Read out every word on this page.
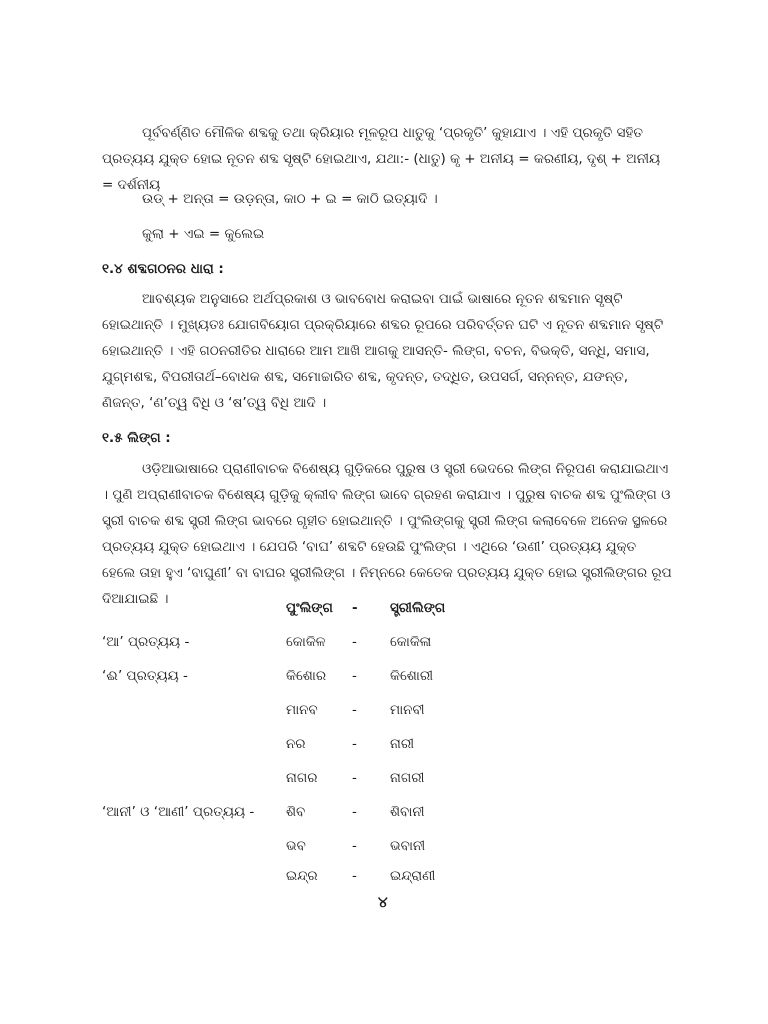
ପୂର୍ବବର୍ଣ୍ଣିତ ମୌଳିକ ଶବ୍ଦକୁ ତଥା କ୍ରିୟାର ମୂଳରୂପ ଧାତୁକୁ ‘ପ୍ରକୃତି’ କୁହାଯାଏ । ଏହି ପ୍ରକୃତି ସହିତ ପ୍ରତ୍ୟୟ ଯୁକ୍ତ ହୋଇ ନୂତନ ଶବ୍ଦ ସୃଷ୍ଟି ହୋଇଥାଏ, ଯଥା:- (ଧାତୁ) କୃ + ଅନୀୟ = କରଣୀୟ, ଦୃଶ୍ + ଅନୀୟ = ଦର୍ଶନୀୟ

ଉଡ୍ + ଅନ୍ତା = ଉଡ଼ନ୍ତା, କାଠ + ଇ = କାଠି ଇତ୍ୟାଦି ।
କୁଲା + ଏଇ = କୁଲେଇ
୧.୪ ଶବ୍ଦଗଠନର ଧାରା :

ଆବଶ୍ୟକ ଅନୁସାରେ ଅର୍ଥପ୍ରକାଶ ଓ ଭାବବୋଧ କରାଇବା ପାଇଁ ଭାଷାରେ ନୂତନ ଶବ୍ଦମାନ ସୃଷ୍ଟି ହୋଇଥାନ୍ତି । ମୁଖ୍ୟତଃ ଯୋଗବିୟୋଗ ପ୍ରକ୍ରିୟାରେ ଶବ୍ଦର ରୂପରେ ପରିବର୍ତ୍ତନ ଘଟି ଏ ନୂତନ ଶବ୍ଦମାନ ସୃଷ୍ଟି ହୋଇଥାନ୍ତି । ଏହି ଗଠନରୀତିର ଧାରାରେ ଆମ ଆଖି ଆଗକୁ ଆସନ୍ତି- ଲିଙ୍ଗ, ବଚନ, ବିଭକ୍ତି, ସନ୍ଧି, ସମାସ, ଯୁଗ୍ମଶବ୍ଦ, ବିପରୀତାର୍ଥ–ବୋଧକ ଶବ୍ଦ, ସମୋଚ୍ଚାରିତ ଶବ୍ଦ, କୃଦନ୍ତ, ତଦ୍ଧିତ, ଉପସର୍ଗ, ସନ୍ନନ୍ତ, ଯଙନ୍ତ, ଣିଜନ୍ତ, ‘ଣ’ତ୍ୱ ବିଧି ଓ ‘ଷ’ତ୍ୱ ବିଧି ଆଦି ।

୧.୫ ଲିଙ୍ଗ :

ଓଡ଼ିଆଭାଷାରେ ପ୍ରାଣୀବାଚକ ବିଶେଷ୍ୟ ଗୁଡ଼ିକରେ ପୁରୁଷ ଓ ସ୍ତ୍ରୀ ଭେଦରେ ଲିଙ୍ଗ ନିରୂପଣ କରାଯାଇଥାଏ । ପୁଣି ଅପ୍ରାଣୀବାଚକ ବିଶେଷ୍ୟ ଗୁଡ଼ିକୁ କ୍ଲୀବ ଲିଙ୍ଗ ଭାବେ ଗ୍ରହଣ କରାଯାଏ । ପୁରୁଷ ବାଚକ ଶବ୍ଦ ପୁଂଲିଙ୍ଗ ଓ ସ୍ତ୍ରୀ ବାଚକ ଶବ୍ଦ ସ୍ତ୍ରୀ ଲିଙ୍ଗ ଭାବରେ ଗୃହୀତ ହୋଇଥାନ୍ତି । ପୁଂଲିଙ୍ଗକୁ ସ୍ତ୍ରୀ ଲିଙ୍ଗ କଲାବେଳେ ଅନେକ ସ୍ଥଳରେ ପ୍ରତ୍ୟୟ ଯୁକ୍ତ ହୋଇଥାଏ । ଯେପରି ‘ବାଘ’ ଶବ୍ଦଟି ହେଉଛି ପୁଂଲିଙ୍ଗ । ଏଥିରେ ‘ଉଣୀ’ ପ୍ରତ୍ୟୟ ଯୁକ୍ତ ହେଲେ ତାହା ହୁଏ ‘ବାଘୁଣୀ’ ବା ବାଘର ସ୍ତ୍ରୀଲିଙ୍ଗ । ନିମ୍ନରେ କେତେକ ପ୍ରତ୍ୟୟ ଯୁକ୍ତ ହୋଇ ସ୍ତ୍ରୀଲିଙ୍ଗର ରୂପ ଦିଆଯାଇଛି ।

ପୁଂଲିଙ୍ଗ - ସ୍ତ୍ରୀଲିଙ୍ଗ
‘ଆ’ ପ୍ରତ୍ୟୟ -	କୋକିଳ - କୋକିଳା
‘ଈ’ ପ୍ରତ୍ୟୟ -	କିଶୋର - କିଶୋରୀ
ମାନବ	- ମାନବୀ
ନର	- ନାରୀ
ନାଗର	- ନାଗରୀ
‘ଆନୀ’ ଓ ‘ଆଣୀ’ ପ୍ରତ୍ୟୟ - ଶିବ	- ଶିବାନୀ
ଭବ	- ଭବାନୀ
ଇନ୍ଦ୍ର	- ଇନ୍ଦ୍ରାଣୀ
୪
